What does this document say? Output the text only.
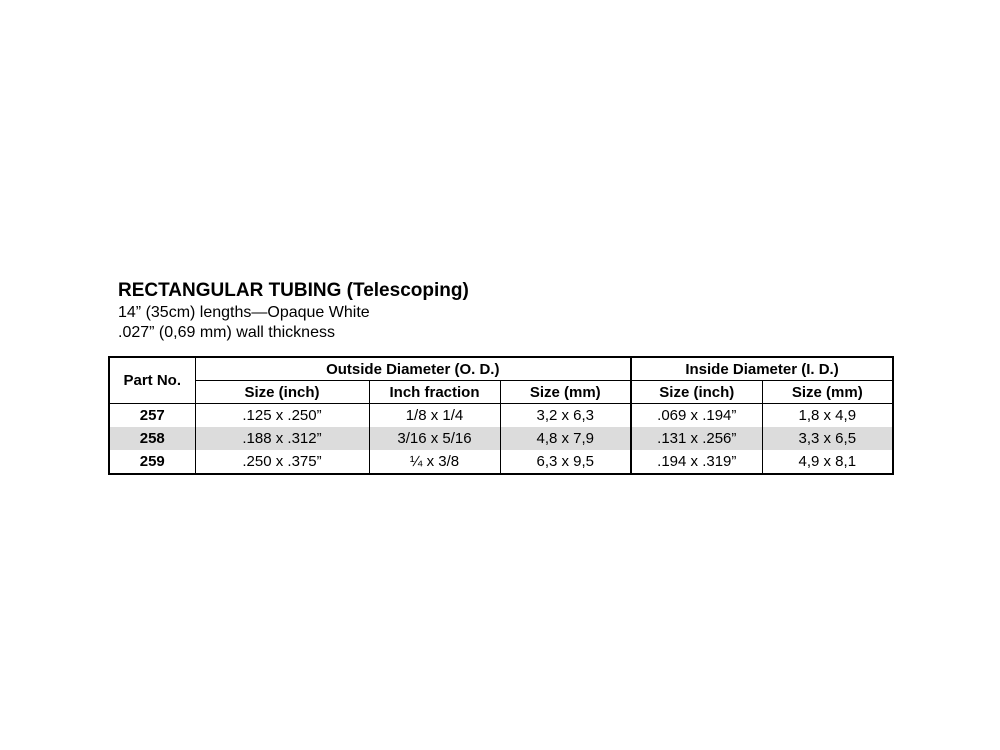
RECTANGULAR TUBING (Telescoping)
14” (35cm) lengths—Opaque White
.027” (0,69 mm) wall thickness
Part No.	Outside Diameter (O. D.)			Inside Diameter (I. D.)	
	Size (inch)	Inch fraction	Size (mm)	Size (inch)	Size (mm)
257	.125 x .250”	1/8 x 1/4	3,2 x 6,3	.069 x .194”	1,8 x 4,9
258	.188 x .312”	3/16 x 5/16	4,8 x 7,9	.131 x .256”	3,3 x 6,5
259	.250 x .375”	¼ x 3/8	6,3 x 9,5	.194 x .319”	4,9 x 8,1
